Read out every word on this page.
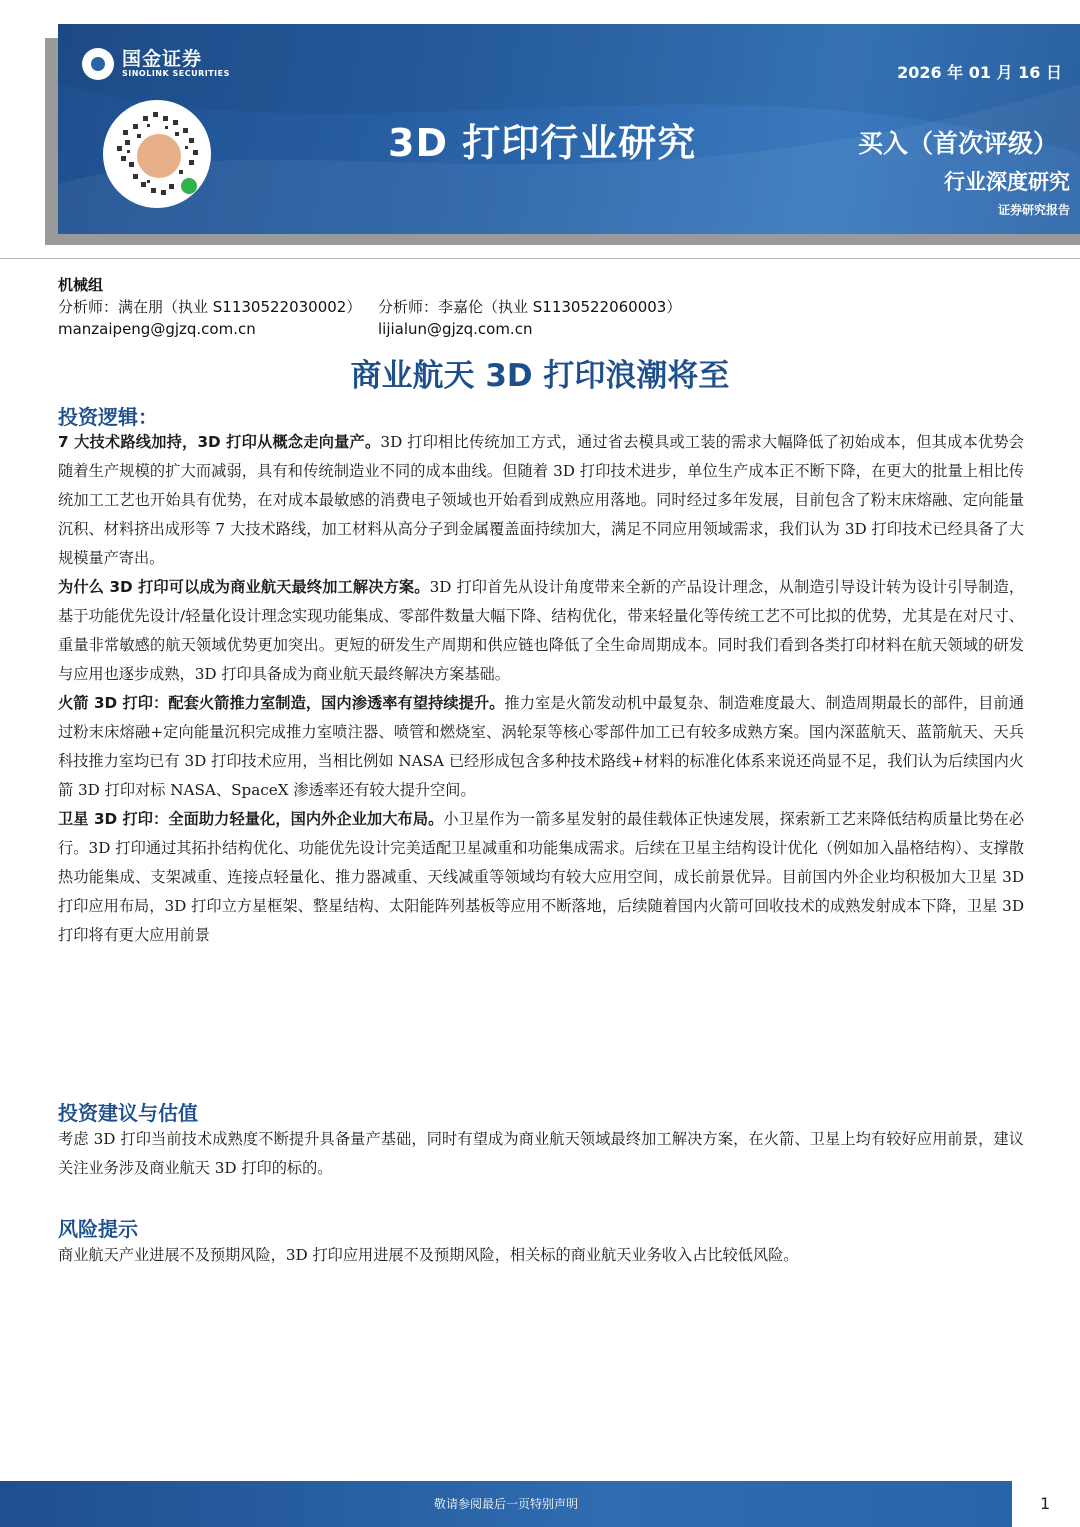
国金证券
SINOLINK SECURITIES	2026 年 01 月 16 日
3D 打印行业研究	买入（首次评级）
行业深度研究
证券研究报告
机械组
分析师：满在朋（执业 S1130522030002） 分析师：李嘉伦（执业 S1130522060003）
manzaipeng@gjzq.com.cn	lijialun@gjzq.com.cn
商业航天 3D 打印浪潮将至
投资逻辑：

7 大技术路线加持，3D 打印从概念走向量产。3D 打印相比传统加工方式，通过省去模具或工装的需求大幅降低了初始成本，但其成本优势会随着生产规模的扩大而减弱，具有和传统制造业不同的成本曲线。但随着 3D 打印技术进步，单位生产成本正不断下降，在更大的批量上相比传统加工工艺也开始具有优势，在对成本最敏感的消费电子领域也开始看到成熟应用落地。同时经过多年发展，目前包含了粉末床熔融、定向能量沉积、材料挤出成形等 7 大技术路线，加工材料从高分子到金属覆盖面持续加大，满足不同应用领域需求，我们认为 3D 打印技术已经具备了大规模量产寄出。

为什么 3D 打印可以成为商业航天最终加工解决方案。3D 打印首先从设计角度带来全新的产品设计理念，从制造引导设计转为设计引导制造，基于功能优先设计/轻量化设计理念实现功能集成、零部件数量大幅下降、结构优化，带来轻量化等传统工艺不可比拟的优势，尤其是在对尺寸、重量非常敏感的航天领域优势更加突出。更短的研发生产周期和供应链也降低了全生命周期成本。同时我们看到各类打印材料在航天领域的研发与应用也逐步成熟，3D 打印具备成为商业航天最终解决方案基础。

火箭 3D 打印：配套火箭推力室制造，国内渗透率有望持续提升。推力室是火箭发动机中最复杂、制造难度最大、制造周期最长的部件，目前通过粉末床熔融+定向能量沉积完成推力室喷注器、喷管和燃烧室、涡轮泵等核心零部件加工已有较多成熟方案。国内深蓝航天、蓝箭航天、天兵科技推力室均已有 3D 打印技术应用，当相比例如 NASA 已经形成包含多种技术路线+材料的标准化体系来说还尚显不足，我们认为后续国内火箭 3D 打印对标 NASA、SpaceX 渗透率还有较大提升空间。

卫星 3D 打印：全面助力轻量化，国内外企业加大布局。小卫星作为一箭多星发射的最佳载体正快速发展，探索新工艺来降低结构质量比势在必行。3D 打印通过其拓扑结构优化、功能优先设计完美适配卫星减重和功能集成需求。后续在卫星主结构设计优化（例如加入晶格结构）、支撑散热功能集成、支架减重、连接点轻量化、推力器减重、天线减重等领域均有较大应用空间，成长前景优异。目前国内外企业均积极加大卫星 3D 打印应用布局，3D 打印立方星框架、整星结构、太阳能阵列基板等应用不断落地，后续随着国内火箭可回收技术的成熟发射成本下降，卫星 3D 打印将有更大应用前景

投资建议与估值

考虑 3D 打印当前技术成熟度不断提升具备量产基础，同时有望成为商业航天领域最终加工解决方案，在火箭、卫星上均有较好应用前景，建议关注业务涉及商业航天 3D 打印的标的。

风险提示

商业航天产业进展不及预期风险，3D 打印应用进展不及预期风险，相关标的商业航天业务收入占比较低风险。

敬请参阅最后一页特别声明	1
